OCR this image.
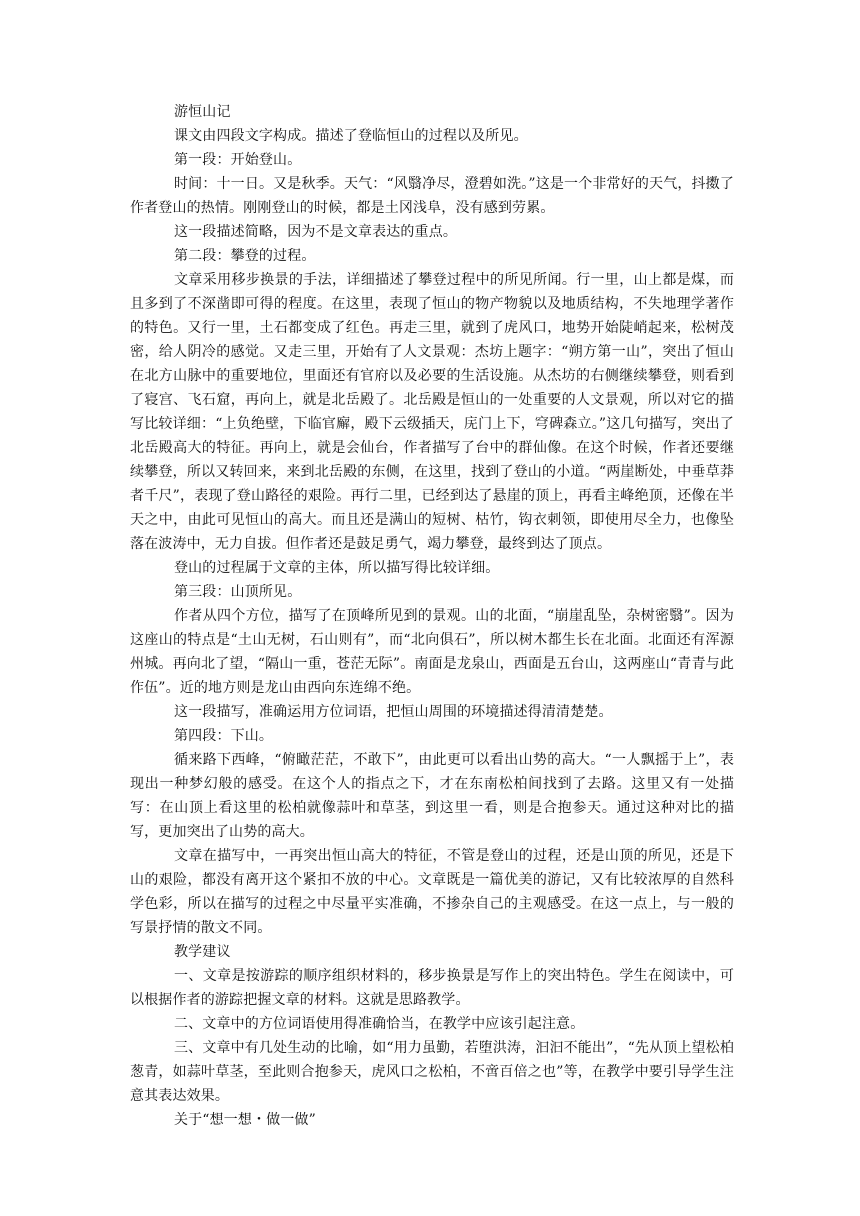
游恒山记

课文由四段文字构成。描述了登临恒山的过程以及所见。

第一段：开始登山。

时间：十一日。又是秋季。天气：“风翳净尽，澄碧如洗。”这是一个非常好的天气，抖擞了作者登山的热情。刚刚登山的时候，都是土冈浅阜，没有感到劳累。

这一段描述简略，因为不是文章表达的重点。

第二段：攀登的过程。

文章采用移步换景的手法，详细描述了攀登过程中的所见所闻。行一里，山上都是煤，而且多到了不深凿即可得的程度。在这里，表现了恒山的物产物貌以及地质结构，不失地理学著作的特色。又行一里，土石都变成了红色。再走三里，就到了虎风口，地势开始陡峭起来，松树茂密，给人阴冷的感觉。又走三里，开始有了人文景观：杰坊上题字：“朔方第一山”，突出了恒山在北方山脉中的重要地位，里面还有官府以及必要的生活设施。从杰坊的右侧继续攀登，则看到了寝宫、飞石窟，再向上，就是北岳殿了。北岳殿是恒山的一处重要的人文景观，所以对它的描写比较详细：“上负绝壁，下临官廨，殿下云级插天，庑门上下，穹碑森立。”这几句描写，突出了北岳殿高大的特征。再向上，就是会仙台，作者描写了台中的群仙像。在这个时候，作者还要继续攀登，所以又转回来，来到北岳殿的东侧，在这里，找到了登山的小道。“两崖断处，中垂草莽者千尺”，表现了登山路径的艰险。再行二里，已经到达了悬崖的顶上，再看主峰绝顶，还像在半天之中，由此可见恒山的高大。而且还是满山的短树、枯竹，钩衣刺领，即使用尽全力，也像坠落在波涛中，无力自拔。但作者还是鼓足勇气，竭力攀登，最终到达了顶点。

登山的过程属于文章的主体，所以描写得比较详细。

第三段：山顶所见。

作者从四个方位，描写了在顶峰所见到的景观。山的北面，“崩崖乱坠，杂树密翳”。因为这座山的特点是“土山无树，石山则有”，而“北向俱石”，所以树木都生长在北面。北面还有浑源州城。再向北了望，“隔山一重，苍茫无际”。南面是龙泉山，西面是五台山，这两座山“青青与此作伍”。近的地方则是龙山由西向东连绵不绝。

这一段描写，准确运用方位词语，把恒山周围的环境描述得清清楚楚。

第四段：下山。

循来路下西峰，“俯瞰茫茫，不敢下”，由此更可以看出山势的高大。“一人飘摇于上”，表现出一种梦幻般的感受。在这个人的指点之下，才在东南松柏间找到了去路。这里又有一处描写：在山顶上看这里的松柏就像蒜叶和草茎，到这里一看，则是合抱参天。通过这种对比的描写，更加突出了山势的高大。

文章在描写中，一再突出恒山高大的特征，不管是登山的过程，还是山顶的所见，还是下山的艰险，都没有离开这个紧扣不放的中心。文章既是一篇优美的游记，又有比较浓厚的自然科学色彩，所以在描写的过程之中尽量平实准确，不掺杂自己的主观感受。在这一点上，与一般的写景抒情的散文不同。

教学建议

一、文章是按游踪的顺序组织材料的，移步换景是写作上的突出特色。学生在阅读中，可以根据作者的游踪把握文章的材料。这就是思路教学。

二、文章中的方位词语使用得准确恰当，在教学中应该引起注意。

三、文章中有几处生动的比喻，如“用力虽勤，若堕洪涛，汩汩不能出”，“先从顶上望松柏葱青，如蒜叶草茎，至此则合抱参天，虎风口之松柏，不啻百倍之也”等，在教学中要引导学生注意其表达效果。

关于“想一想・做一做”
